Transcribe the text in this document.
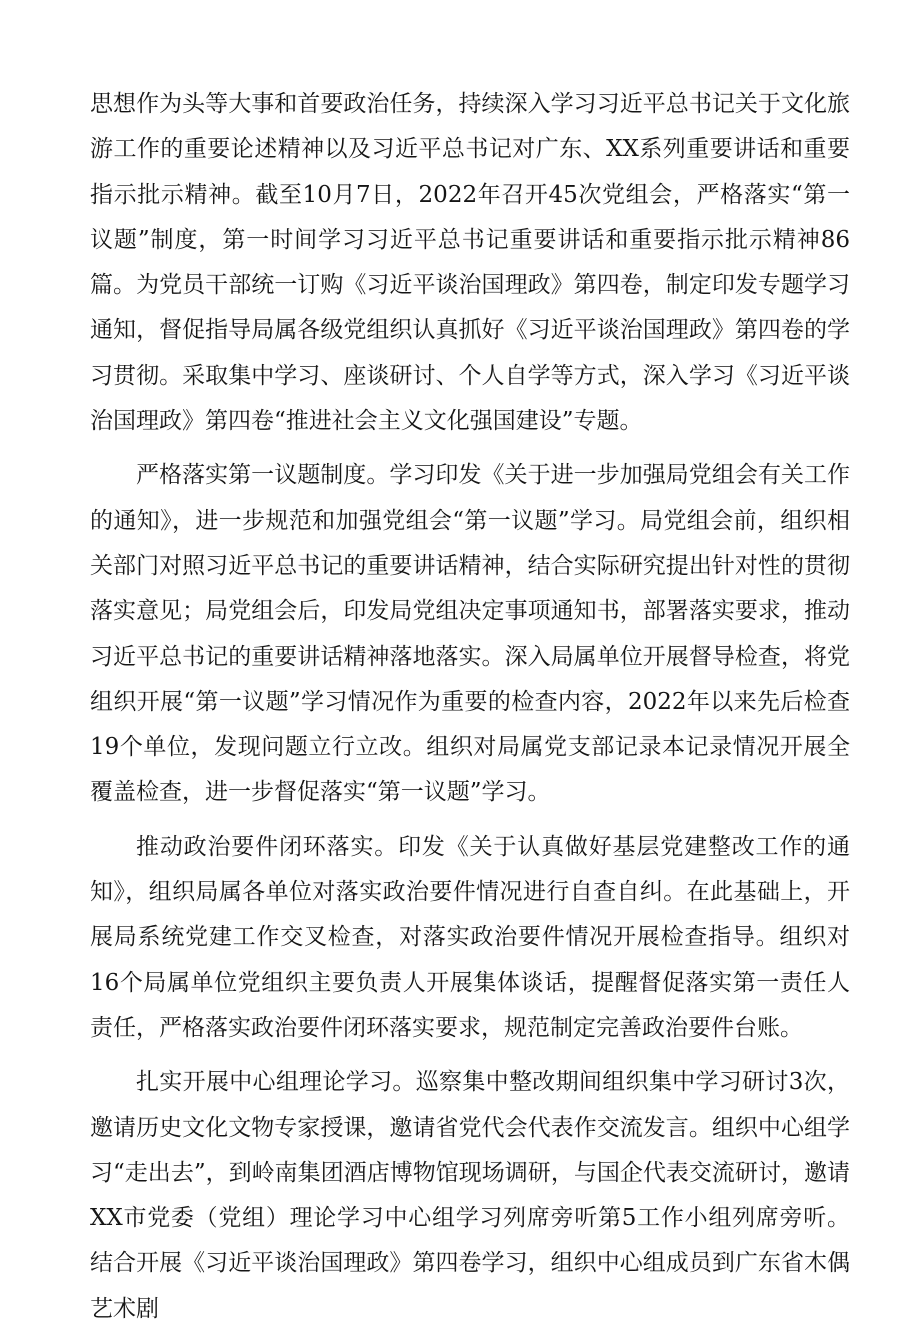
思想作为头等大事和首要政治任务，持续深入学习习近平总书记关于文化旅游工作的重要论述精神以及习近平总书记对广东、XX系列重要讲话和重要指示批示精神。截至10月7日，2022年召开45次党组会，严格落实“第一议题”制度，第一时间学习习近平总书记重要讲话和重要指示批示精神86篇。为党员干部统一订购《习近平谈治国理政》第四卷，制定印发专题学习通知，督促指导局属各级党组织认真抓好《习近平谈治国理政》第四卷的学习贯彻。采取集中学习、座谈研讨、个人自学等方式，深入学习《习近平谈治国理政》第四卷“推进社会主义文化强国建设”专题。

严格落实第一议题制度。学习印发《关于进一步加强局党组会有关工作的通知》，进一步规范和加强党组会“第一议题”学习。局党组会前，组织相关部门对照习近平总书记的重要讲话精神，结合实际研究提出针对性的贯彻落实意见；局党组会后，印发局党组决定事项通知书，部署落实要求，推动习近平总书记的重要讲话精神落地落实。深入局属单位开展督导检查，将党组织开展“第一议题”学习情况作为重要的检查内容，2022年以来先后检查19个单位，发现问题立行立改。组织对局属党支部记录本记录情况开展全覆盖检查，进一步督促落实“第一议题”学习。

推动政治要件闭环落实。印发《关于认真做好基层党建整改工作的通知》，组织局属各单位对落实政治要件情况进行自查自纠。在此基础上，开展局系统党建工作交叉检查，对落实政治要件情况开展检查指导。组织对16个局属单位党组织主要负责人开展集体谈话，提醒督促落实第一责任人责任，严格落实政治要件闭环落实要求，规范制定完善政治要件台账。

扎实开展中心组理论学习。巡察集中整改期间组织集中学习研讨3次，邀请历史文化文物专家授课，邀请省党代会代表作交流发言。组织中心组学习“走出去”，到岭南集团酒店博物馆现场调研，与国企代表交流研讨，邀请XX市党委（党组）理论学习中心组学习列席旁听第5工作小组列席旁听。结合开展《习近平谈治国理政》第四卷学习，组织中心组成员到广东省木偶艺术剧
